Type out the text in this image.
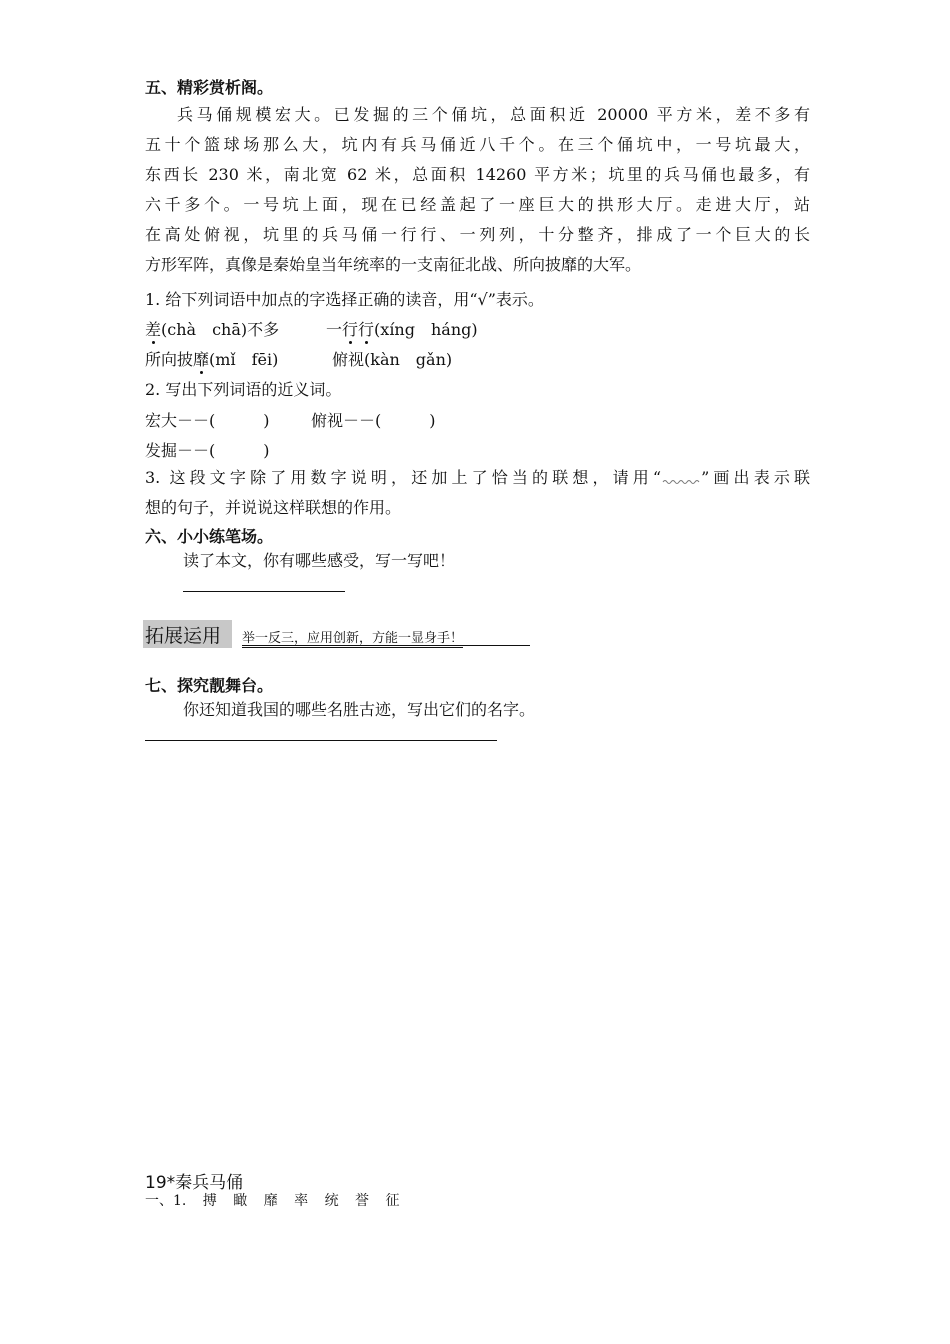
五、精彩赏析阁。

兵马俑规模宏大。已发掘的三个俑坑，总面积近 20000 平方米，差不多有

五十个篮球场那么大，坑内有兵马俑近八千个。在三个俑坑中，一号坑最大，

东西长 230 米，南北宽 62 米，总面积 14260 平方米；坑里的兵马俑也最多，有

六千多个。一号坑上面，现在已经盖起了一座巨大的拱形大厅。走进大厅，站

在高处俯视，坑里的兵马俑一行行、一列列，十分整齐，排成了一个巨大的长

方形军阵，真像是秦始皇当年统率的一支南征北战、所向披靡的大军。

1. 给下列词语中加点的字选择正确的读音，用“√”表示。
差(chà　chā)不多	一行行(xíng　háng)
所向披靡(mǐ　fēi)	俯视(kàn　gǎn)
2. 写出下列词语的近义词。
宏大－－(　　　)	俯视－－(　　　)
发掘－－(　　　)

3. 这段文字除了用数字说明，还加上了恰当的联想，请用“	”画出表示联

想的句子，并说说这样联想的作用。

六、小小练笔场。
读了本文，你有哪些感受，写一写吧！
拓展运用 举一反三，应用创新，方能一显身手！
七、探究靓舞台。
你还知道我国的哪些名胜古迹，写出它们的名字。
19*秦兵马俑
一、1. 搏 瞰 靡 率 统 誉 征
